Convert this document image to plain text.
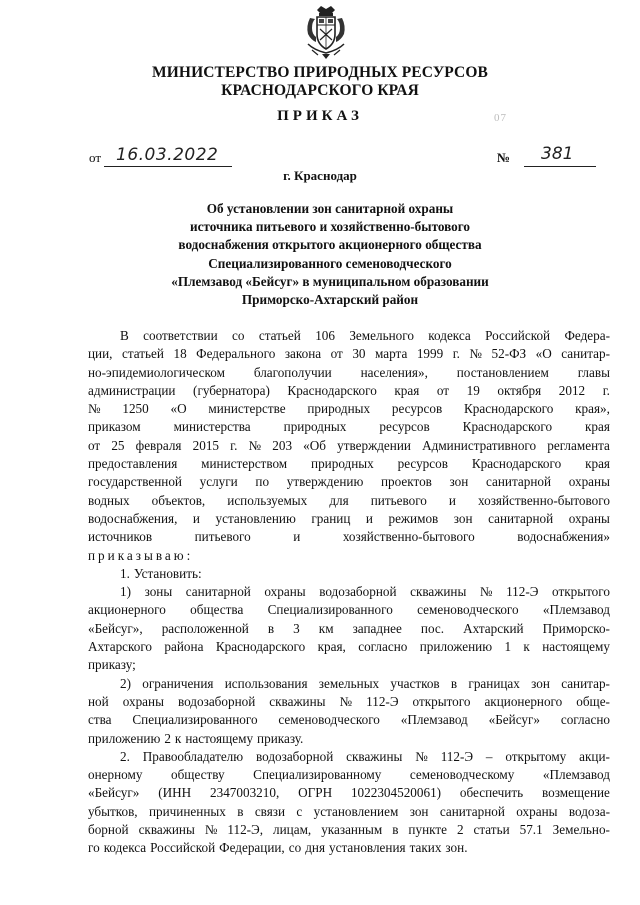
МИНИСТЕРСТВО ПРИРОДНЫХ РЕСУРСОВ
КРАСНОДАРСКОГО КРАЯ
ПРИКАЗ	07
от 16.03.2022	№ 381
г. Краснодар
Об установлении зон санитарной охраны
источника питьевого и хозяйственно-бытового
водоснабжения открытого акционерного общества
Специализированного семеноводческого
«Племзавод «Бейсуг» в муниципальном образовании
Приморско-Ахтарский район
В соответствии со статьей 106 Земельного кодекса Российской Федера-
ции, статьей 18 Федерального закона от 30 марта 1999 г. № 52-ФЗ «О санитар-
но-эпидемиологическом благополучии населения», постановлением главы
администрации (губернатора) Краснодарского края от 19 октября 2012 г.
№ 1250 «О министерстве природных ресурсов Краснодарского края»,
приказом министерства природных ресурсов Краснодарского края
от 25 февраля 2015 г. № 203 «Об утверждении Административного регламента
предоставления министерством природных ресурсов Краснодарского края
государственной услуги по утверждению проектов зон санитарной охраны
водных объектов, используемых для питьевого и хозяйственно-бытового
водоснабжения, и установлению границ и режимов зон санитарной охраны
источников	питьевого	и	хозяйственно-бытового	водоснабжения»
приказываю:
1. Установить:
1) зоны санитарной охраны водозаборной скважины № 112-Э открытого
акционерного общества Специализированного семеноводческого «Племзавод
«Бейсуг», расположенной в 3 км западнее пос. Ахтарский Приморско-
Ахтарского района Краснодарского края, согласно приложению 1 к настоящему
приказу;
2) ограничения использования земельных участков в границах зон санитар-
ной охраны водозаборной скважины № 112-Э открытого акционерного обще-
ства Специализированного семеноводческого «Племзавод «Бейсуг» согласно
приложению 2 к настоящему приказу.
2. Правообладателю водозаборной скважины № 112-Э – открытому акци-
онерному обществу Специализированному семеноводческому «Племзавод
«Бейсуг» (ИНН 2347003210, ОГРН 1022304520061) обеспечить возмещение
убытков, причиненных в связи с установлением зон санитарной охраны водоза-
борной скважины № 112-Э, лицам, указанным в пункте 2 статьи 57.1 Земельно-
го кодекса Российской Федерации, со дня установления таких зон.
